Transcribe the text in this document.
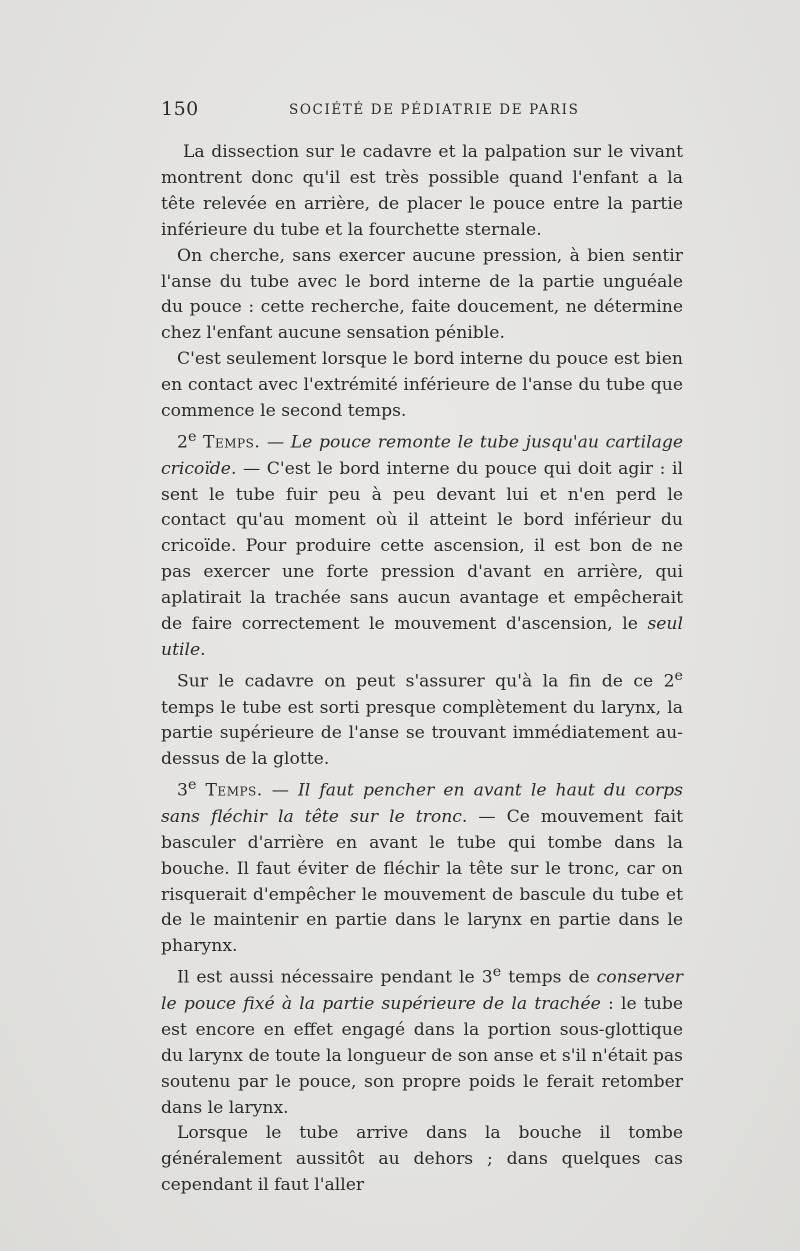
150	SOCIÉTÉ DE PÉDIATRIE DE PARIS

La dissection sur le cadavre et la palpation sur le vivant montrent donc qu'il est très possible quand l'enfant a la tête relevée en arrière, de placer le pouce entre la partie inférieure du tube et la fourchette sternale.

On cherche, sans exercer aucune pression, à bien sentir l'anse du tube avec le bord interne de la partie unguéale du pouce : cette recherche, faite doucement, ne détermine chez l'enfant aucune sensation pénible.

C'est seulement lorsque le bord interne du pouce est bien en contact avec l'extrémité inférieure de l'anse du tube que commence le second temps.

2e Temps. — Le pouce remonte le tube jusqu'au cartilage cricoïde. — C'est le bord interne du pouce qui doit agir : il sent le tube fuir peu à peu devant lui et n'en perd le contact qu'au moment où il atteint le bord inférieur du cricoïde. Pour produire cette ascension, il est bon de ne pas exercer une forte pression d'avant en arrière, qui aplatirait la trachée sans aucun avantage et empêcherait de faire correctement le mouvement d'ascension, le seul utile.

Sur le cadavre on peut s'assurer qu'à la fin de ce 2e temps le tube est sorti presque complètement du larynx, la partie supérieure de l'anse se trouvant immédiatement au-dessus de la glotte.

3e Temps. — Il faut pencher en avant le haut du corps sans fléchir la tête sur le tronc. — Ce mouvement fait basculer d'arrière en avant le tube qui tombe dans la bouche. Il faut éviter de fléchir la tête sur le tronc, car on risquerait d'empêcher le mouvement de bascule du tube et de le maintenir en partie dans le larynx en partie dans le pharynx.

Il est aussi nécessaire pendant le 3e temps de conserver le pouce fixé à la partie supérieure de la trachée : le tube est encore en effet engagé dans la portion sous-glottique du larynx de toute la longueur de son anse et s'il n'était pas soutenu par le pouce, son propre poids le ferait retomber dans le larynx.

Lorsque le tube arrive dans la bouche il tombe généralement aussitôt au dehors ; dans quelques cas cependant il faut l'aller
